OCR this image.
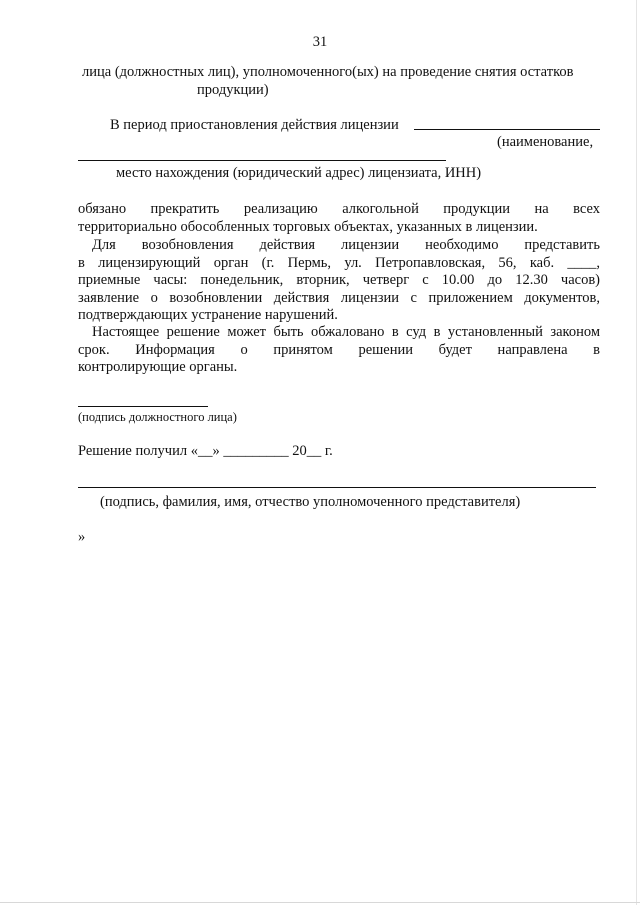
31
лица (должностных лиц), уполномоченного(ых) на проведение снятия остатков
продукции)
В период приостановления действия лицензии
(наименование,
место нахождения (юридический адрес) лицензиата, ИНН)
обязано прекратить реализацию алкогольной продукции на всех
территориально обособленных торговых объектах, указанных в лицензии.
Для возобновления действия лицензии необходимо представить
в лицензирующий орган (г. Пермь, ул. Петропавловская, 56, каб. ____,
приемные часы: понедельник, вторник, четверг с 10.00 до 12.30 часов)
заявление о возобновлении действия лицензии с приложением документов,
подтверждающих устранение нарушений.
Настоящее решение может быть обжаловано в суд в установленный законом
срок. Информация о принятом решении будет направлена в
контролирующие органы.
(подпись должностного лица)
Решение получил «__» _________ 20__ г.
(подпись, фамилия, имя, отчество уполномоченного представителя)
»
